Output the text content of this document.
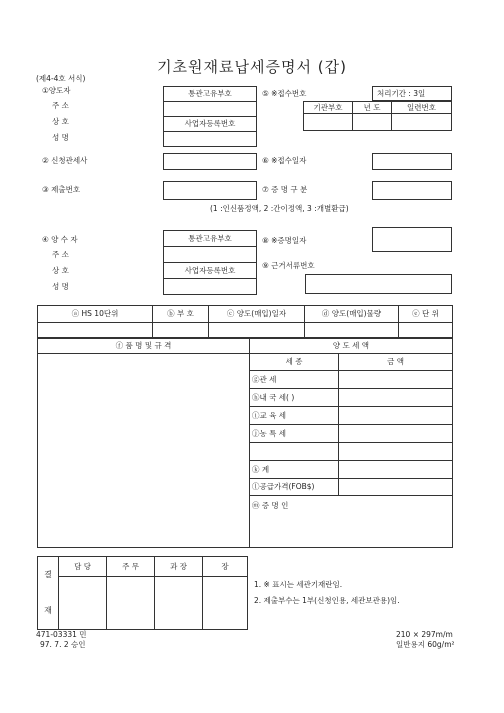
기초원재료납세증명서 (갑)
(제4-4호 서식)
①양도자
주 소
상 호
성 명
통관고유부호

사업자등록번호

⑤ ※접수번호	처리기간 : 3일
기관부호	년 도	일련번호

② 신청관세사	⑥ ※접수일자
③ 제출번호	⑦ 증 명 구 분
(1 :인신품정액, 2 :간이정액, 3 :개별환급)
④ 양 수 자
주 소
상 호
성 명
통관고유부호

사업자등록번호

⑧ ※증명일자
⑨ 근거서류번호
ⓐ HS 10단위	ⓑ 부 호	ⓒ 양도(매입)일자	ⓓ 양도(매입)물량	ⓔ 단 위

ⓕ 품 명 및 규 격	양 도 세 액	
	세 종	금 액
	ⓖ관 세	
	ⓗ내 국 세( )	
	ⓘ교 육 세	
	ⓙ농 특 세	

	ⓚ 계	
	ⓛ공급가격(FOB$)	
	ⓜ 증 명 인	
결
재	담 당	주 무	과 장	장

1. ※ 표시는 세관기재란임.
2. 제출부수는 1부(신청인용, 세관보관용)임.
471-03331 민
97. 7. 2 승인
210 × 297m/m
일반용지 60g/m²
